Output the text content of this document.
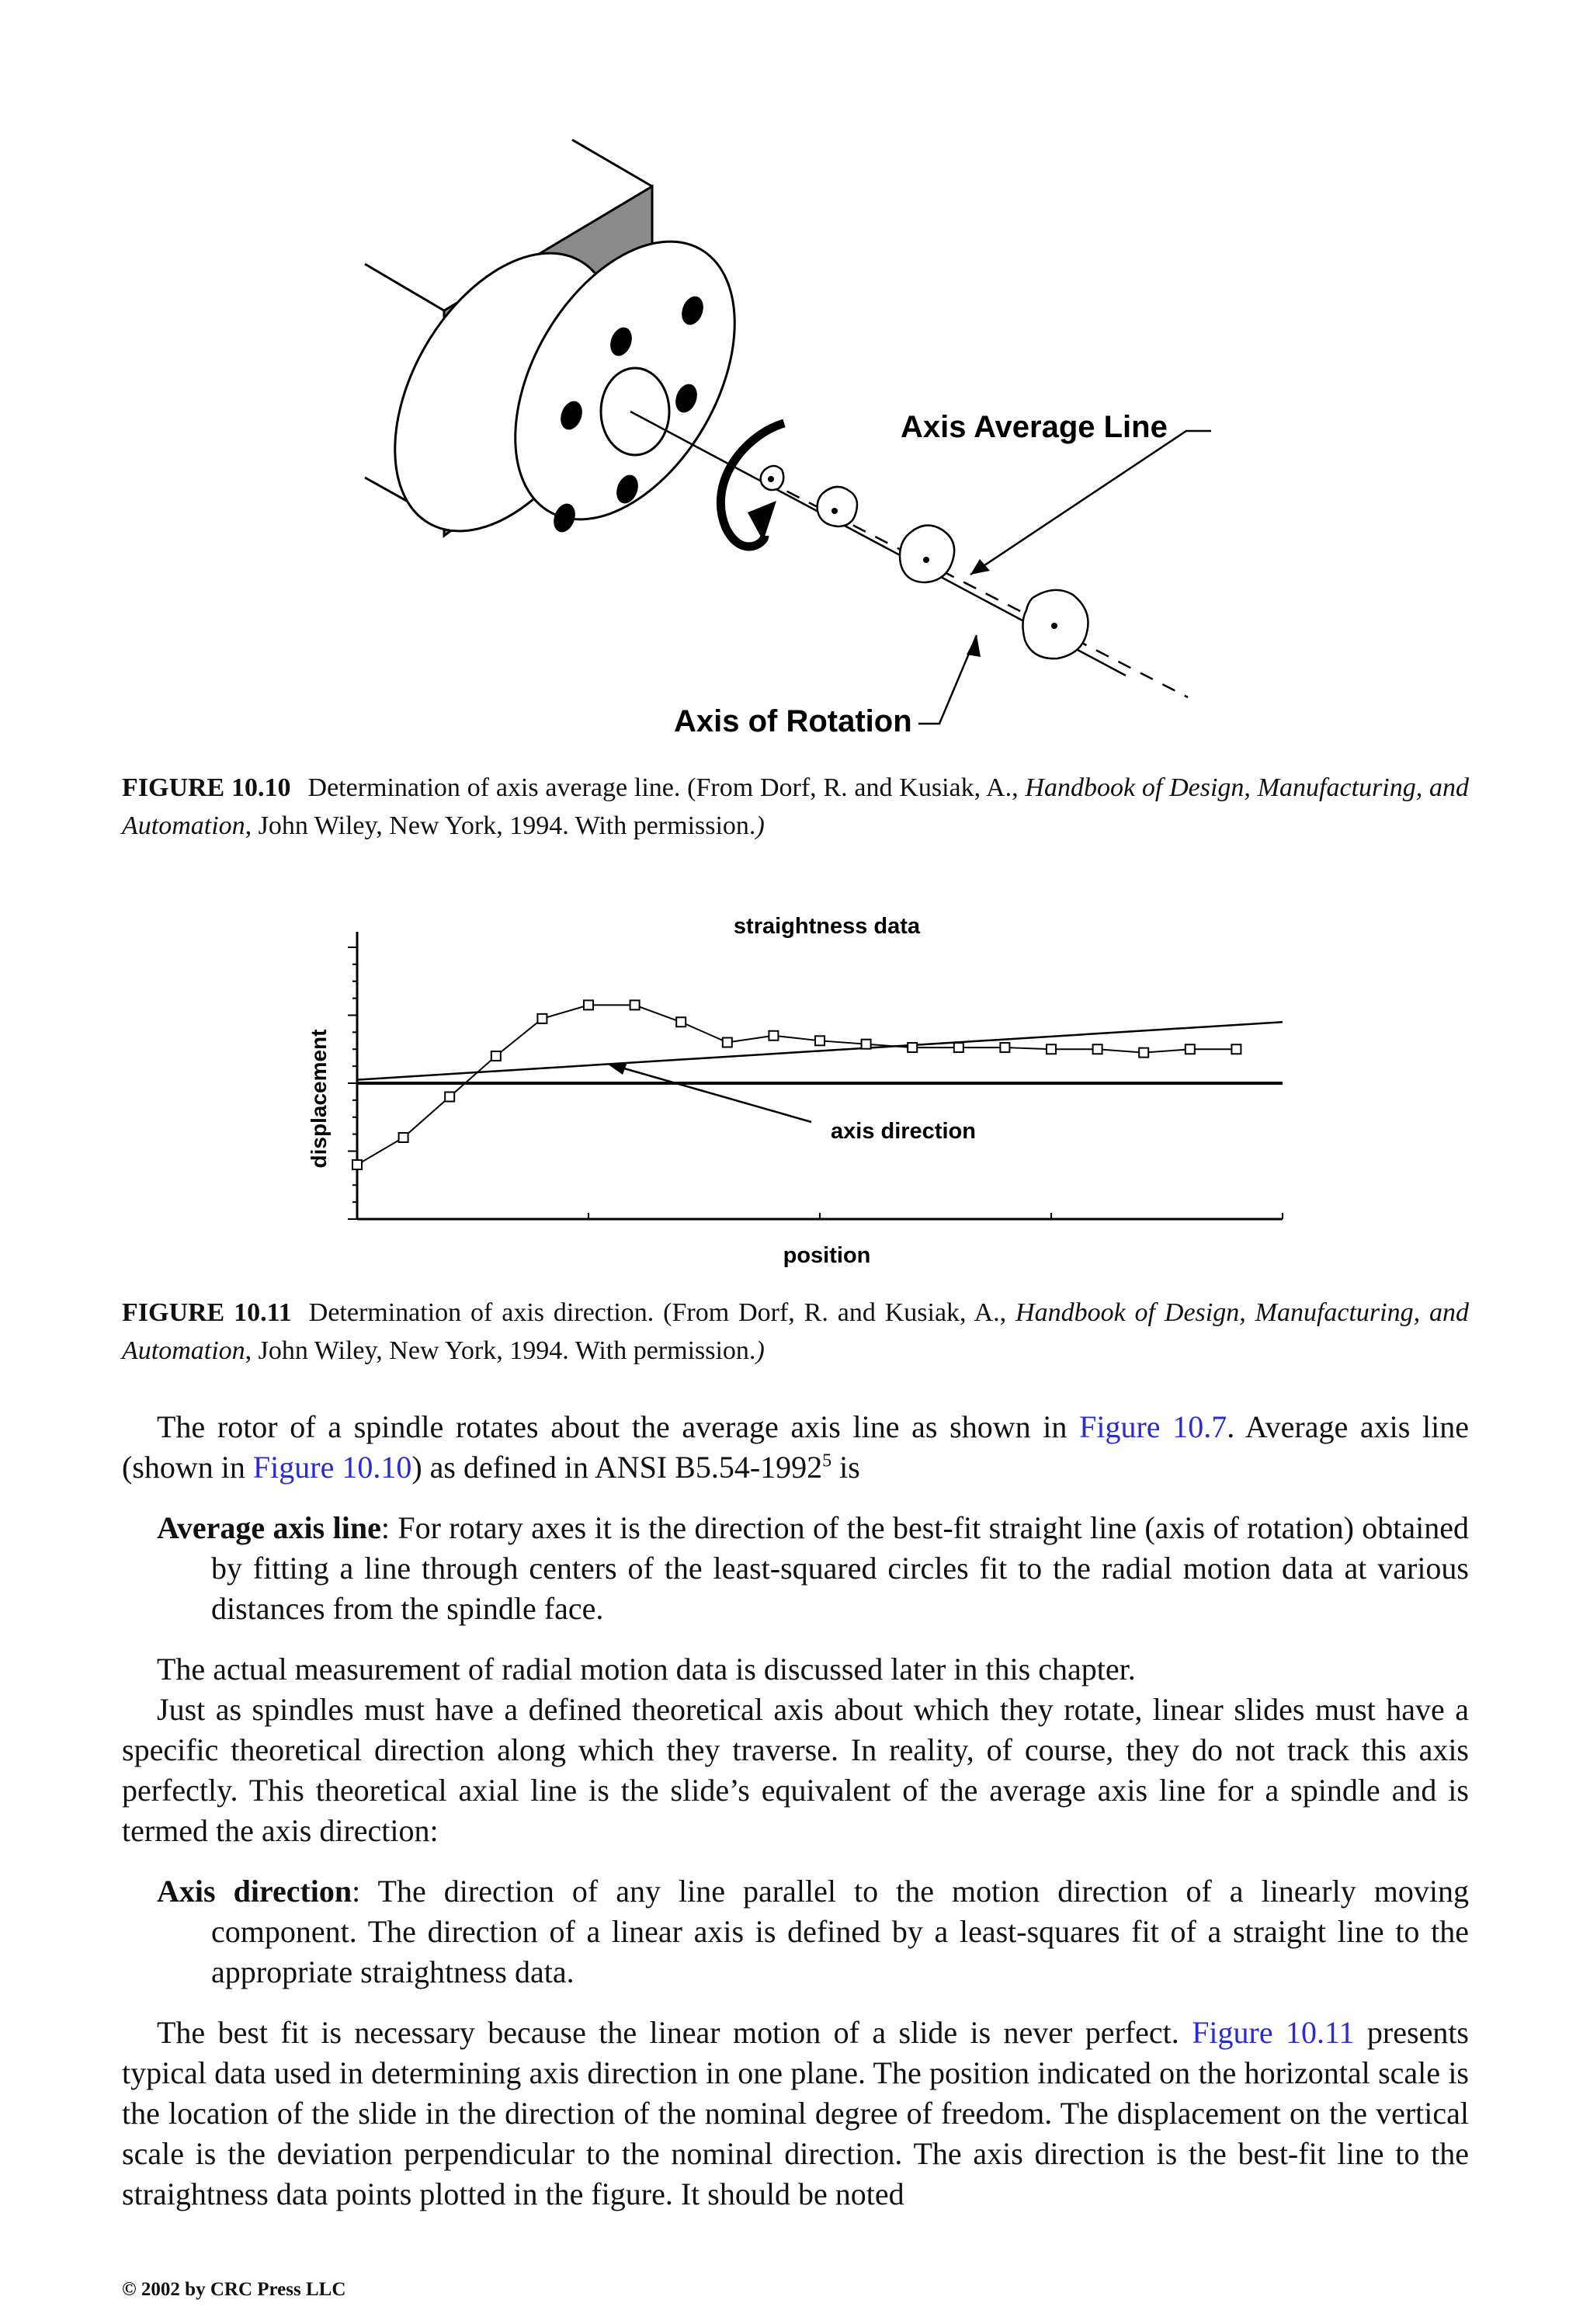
Axis Average Line
Axis of Rotation
FIGURE 10.10 Determination of axis average line. (From Dorf, R. and Kusiak, A., Handbook of Design, Manufacturing, and Automation, John Wiley, New York, 1994. With permission.)
straightness data
displacement
position
axis direction
FIGURE 10.11 Determination of axis direction. (From Dorf, R. and Kusiak, A., Handbook of Design, Manufacturing, and Automation, John Wiley, New York, 1994. With permission.)

The rotor of a spindle rotates about the average axis line as shown in Figure 10.7. Average axis line (shown in Figure 10.10) as defined in ANSI B5.54-1992$^5$ is

Average axis line: For rotary axes it is the direction of the best-fit straight line (axis of rotation) obtained by fitting a line through centers of the least-squared circles fit to the radial motion data at various distances from the spindle face.

The actual measurement of radial motion data is discussed later in this chapter.

Just as spindles must have a defined theoretical axis about which they rotate, linear slides must have a specific theoretical direction along which they traverse. In reality, of course, they do not track this axis perfectly. This theoretical axial line is the slide’s equivalent of the average axis line for a spindle and is termed the axis direction:

Axis direction: The direction of any line parallel to the motion direction of a linearly moving component. The direction of a linear axis is defined by a least-squares fit of a straight line to the appropriate straightness data.

The best fit is necessary because the linear motion of a slide is never perfect. Figure 10.11 presents typical data used in determining axis direction in one plane. The position indicated on the horizontal scale is the location of the slide in the direction of the nominal degree of freedom. The displacement on the vertical scale is the deviation perpendicular to the nominal direction. The axis direction is the best-fit line to the straightness data points plotted in the figure. It should be noted

© 2002 by CRC Press LLC
